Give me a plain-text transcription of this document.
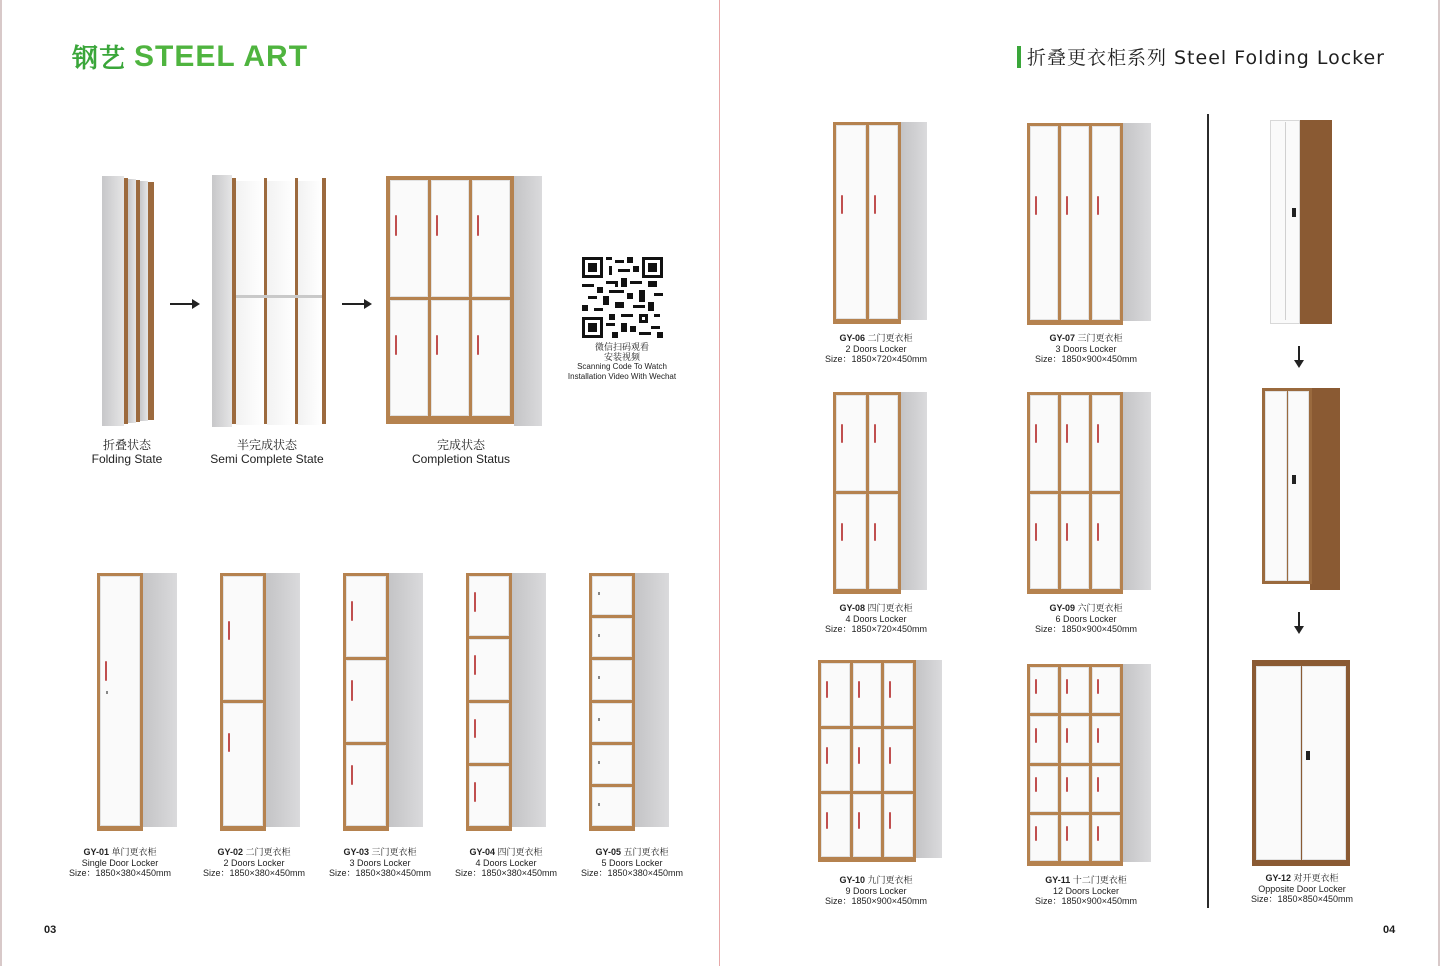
钢艺 STEEL ART
折叠状态
Folding State
半完成状态
Semi Complete State
完成状态
Completion Status
微信扫码观看
安装视频
Scanning Code To Watch
Installation Video With Wechat
GY-01 单门更衣柜
Single Door Locker
Size：1850×380×450mm
GY-02 二门更衣柜
2 Doors Locker
Size：1850×380×450mm
GY-03 三门更衣柜
3 Doors Locker
Size：1850×380×450mm
GY-04 四门更衣柜
4 Doors Locker
Size：1850×380×450mm
GY-05 五门更衣柜
5 Doors Locker
Size：1850×380×450mm
03
折叠更衣柜系列 Steel Folding Locker
GY-06 二门更衣柜
2 Doors Locker
Size：1850×720×450mm
GY-07 三门更衣柜
3 Doors Locker
Size：1850×900×450mm
GY-08 四门更衣柜
4 Doors Locker
Size：1850×720×450mm
GY-09 六门更衣柜
6 Doors Locker
Size：1850×900×450mm
GY-10 九门更衣柜
9 Doors Locker
Size：1850×900×450mm
GY-11 十二门更衣柜
12 Doors Locker
Size：1850×900×450mm
GY-12 对开更衣柜
Opposite Door Locker
Size：1850×850×450mm
04
